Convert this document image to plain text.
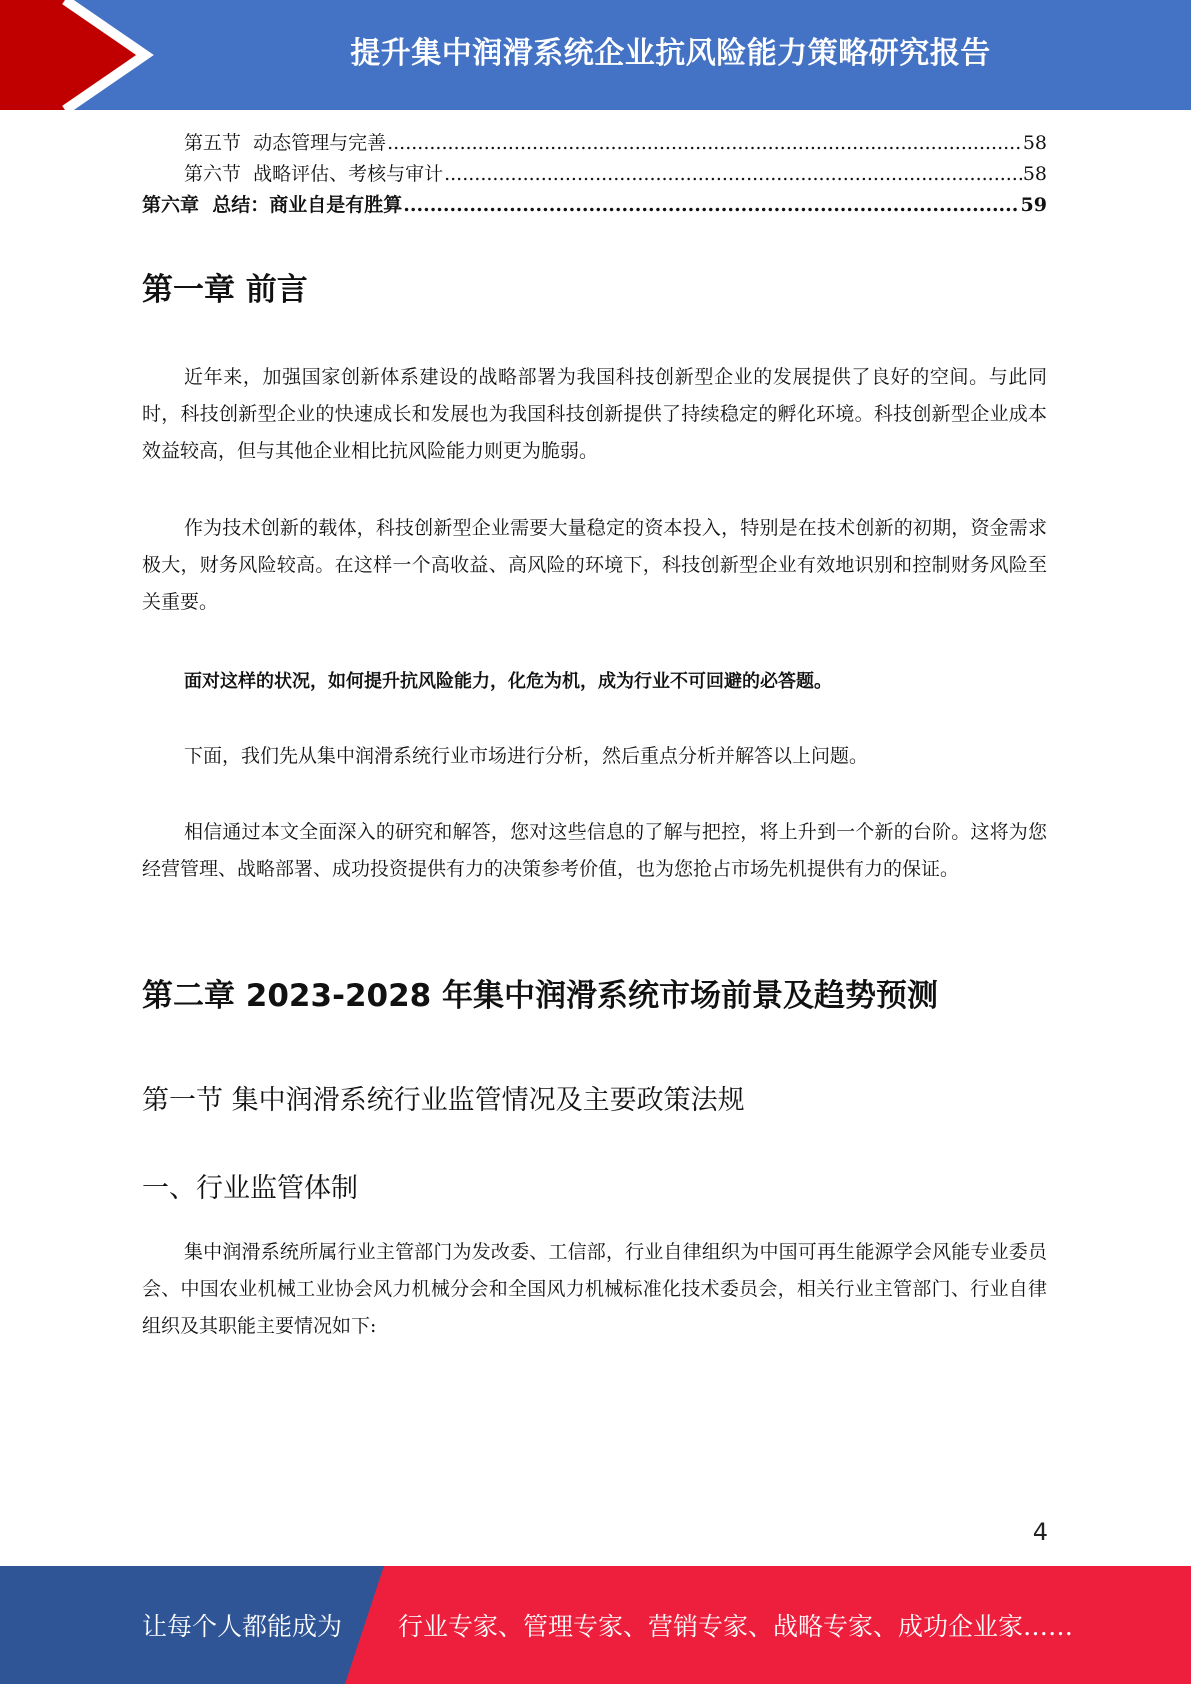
提升集中润滑系统企业抗风险能力策略研究报告
第五节  动态管理与完善 .....	58
第六节  战略评估、考核与审计 .....	58
第六章  总结：商业自是有胜算 .....	59
第一章 前言

近年来，加强国家创新体系建设的战略部署为我国科技创新型企业的发展提供了良好的空间。与此同时，科技创新型企业的快速成长和发展也为我国科技创新提供了持续稳定的孵化环境。科技创新型企业成本效益较高，但与其他企业相比抗风险能力则更为脆弱。

作为技术创新的载体，科技创新型企业需要大量稳定的资本投入，特别是在技术创新的初期，资金需求极大，财务风险较高。在这样一个高收益、高风险的环境下，科技创新型企业有效地识别和控制财务风险至关重要。

面对这样的状况，如何提升抗风险能力，化危为机，成为行业不可回避的必答题。

下面，我们先从集中润滑系统行业市场进行分析，然后重点分析并解答以上问题。

相信通过本文全面深入的研究和解答，您对这些信息的了解与把控，将上升到一个新的台阶。这将为您经营管理、战略部署、成功投资提供有力的决策参考价值，也为您抢占市场先机提供有力的保证。

第二章 2023-2028 年集中润滑系统市场前景及趋势预测
第一节 集中润滑系统行业监管情况及主要政策法规
一、行业监管体制

集中润滑系统所属行业主管部门为发改委、工信部，行业自律组织为中国可再生能源学会风能专业委员会、中国农业机械工业协会风力机械分会和全国风力机械标准化技术委员会，相关行业主管部门、行业自律组织及其职能主要情况如下:

4
让每个人都能成为 行业专家、管理专家、营销专家、战略专家、成功企业家……
